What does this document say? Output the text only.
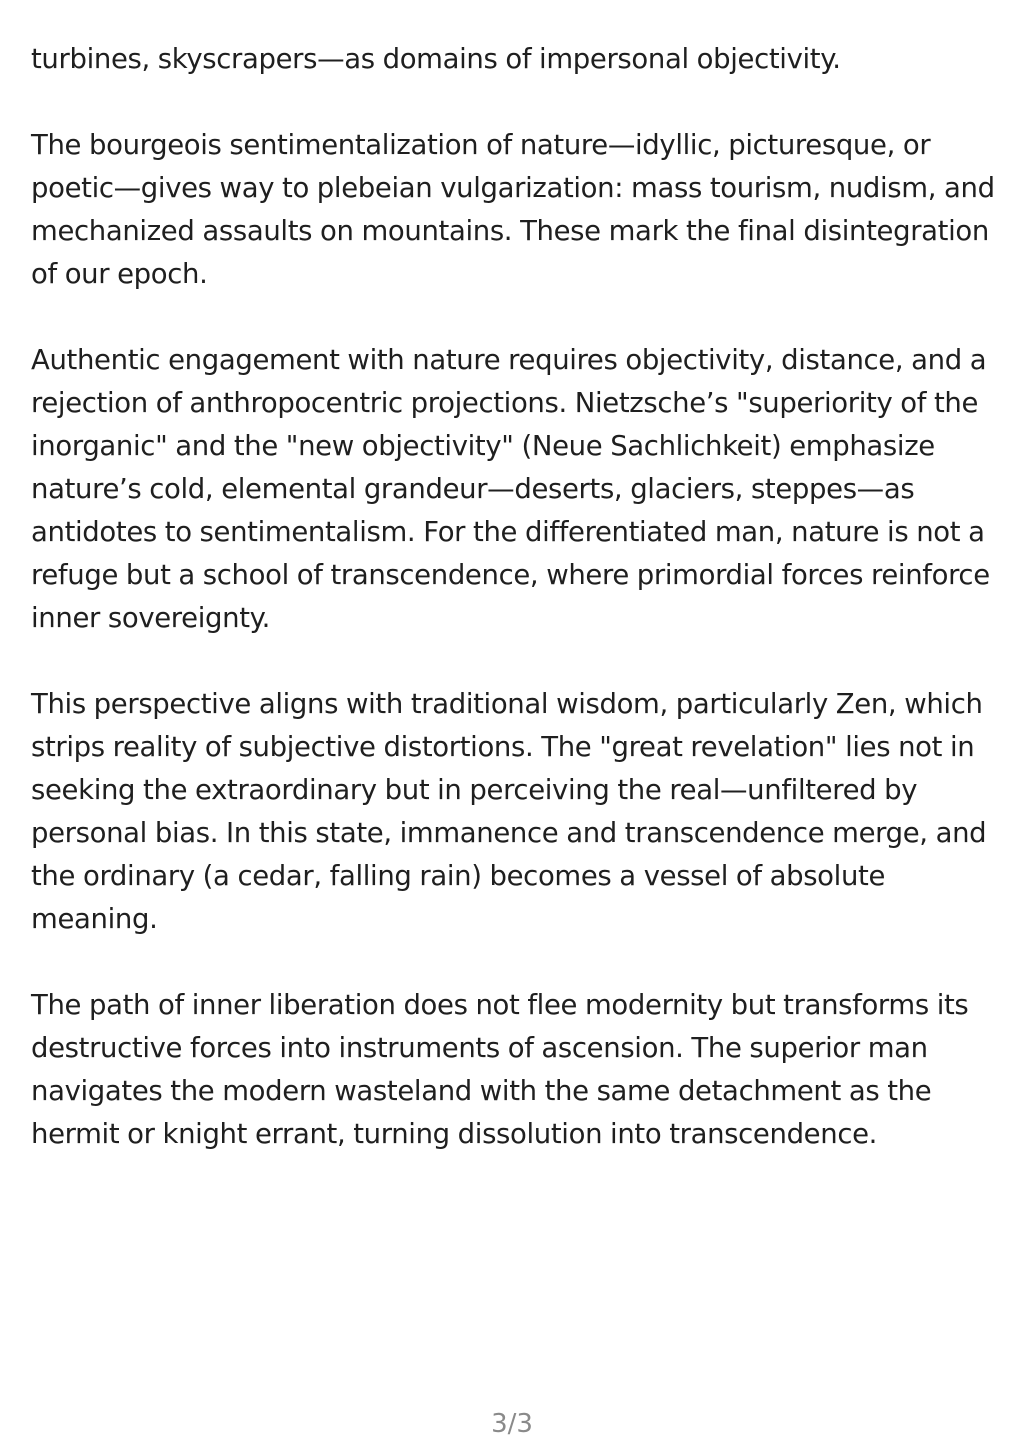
turbines, skyscrapers—as domains of impersonal objectivity.

The bourgeois sentimentalization of nature—idyllic, picturesque, or poetic—gives way to plebeian vulgarization: mass tourism, nudism, and mechanized assaults on mountains. These mark the final disintegration of our epoch.

Authentic engagement with nature requires objectivity, distance, and a rejection of anthropocentric projections. Nietzsche’s "superiority of the inorganic" and the "new objectivity" (Neue Sachlichkeit) emphasize nature’s cold, elemental grandeur—deserts, glaciers, steppes—as antidotes to sentimentalism. For the differentiated man, nature is not a refuge but a school of transcendence, where primordial forces reinforce inner sovereignty.

This perspective aligns with traditional wisdom, particularly Zen, which strips reality of subjective distortions. The "great revelation" lies not in seeking the extraordinary but in perceiving the real—unfiltered by personal bias. In this state, immanence and transcendence merge, and the ordinary (a cedar, falling rain) becomes a vessel of absolute meaning.

The path of inner liberation does not flee modernity but transforms its destructive forces into instruments of ascension. The superior man navigates the modern wasteland with the same detachment as the hermit or knight errant, turning dissolution into transcendence.

3/3
